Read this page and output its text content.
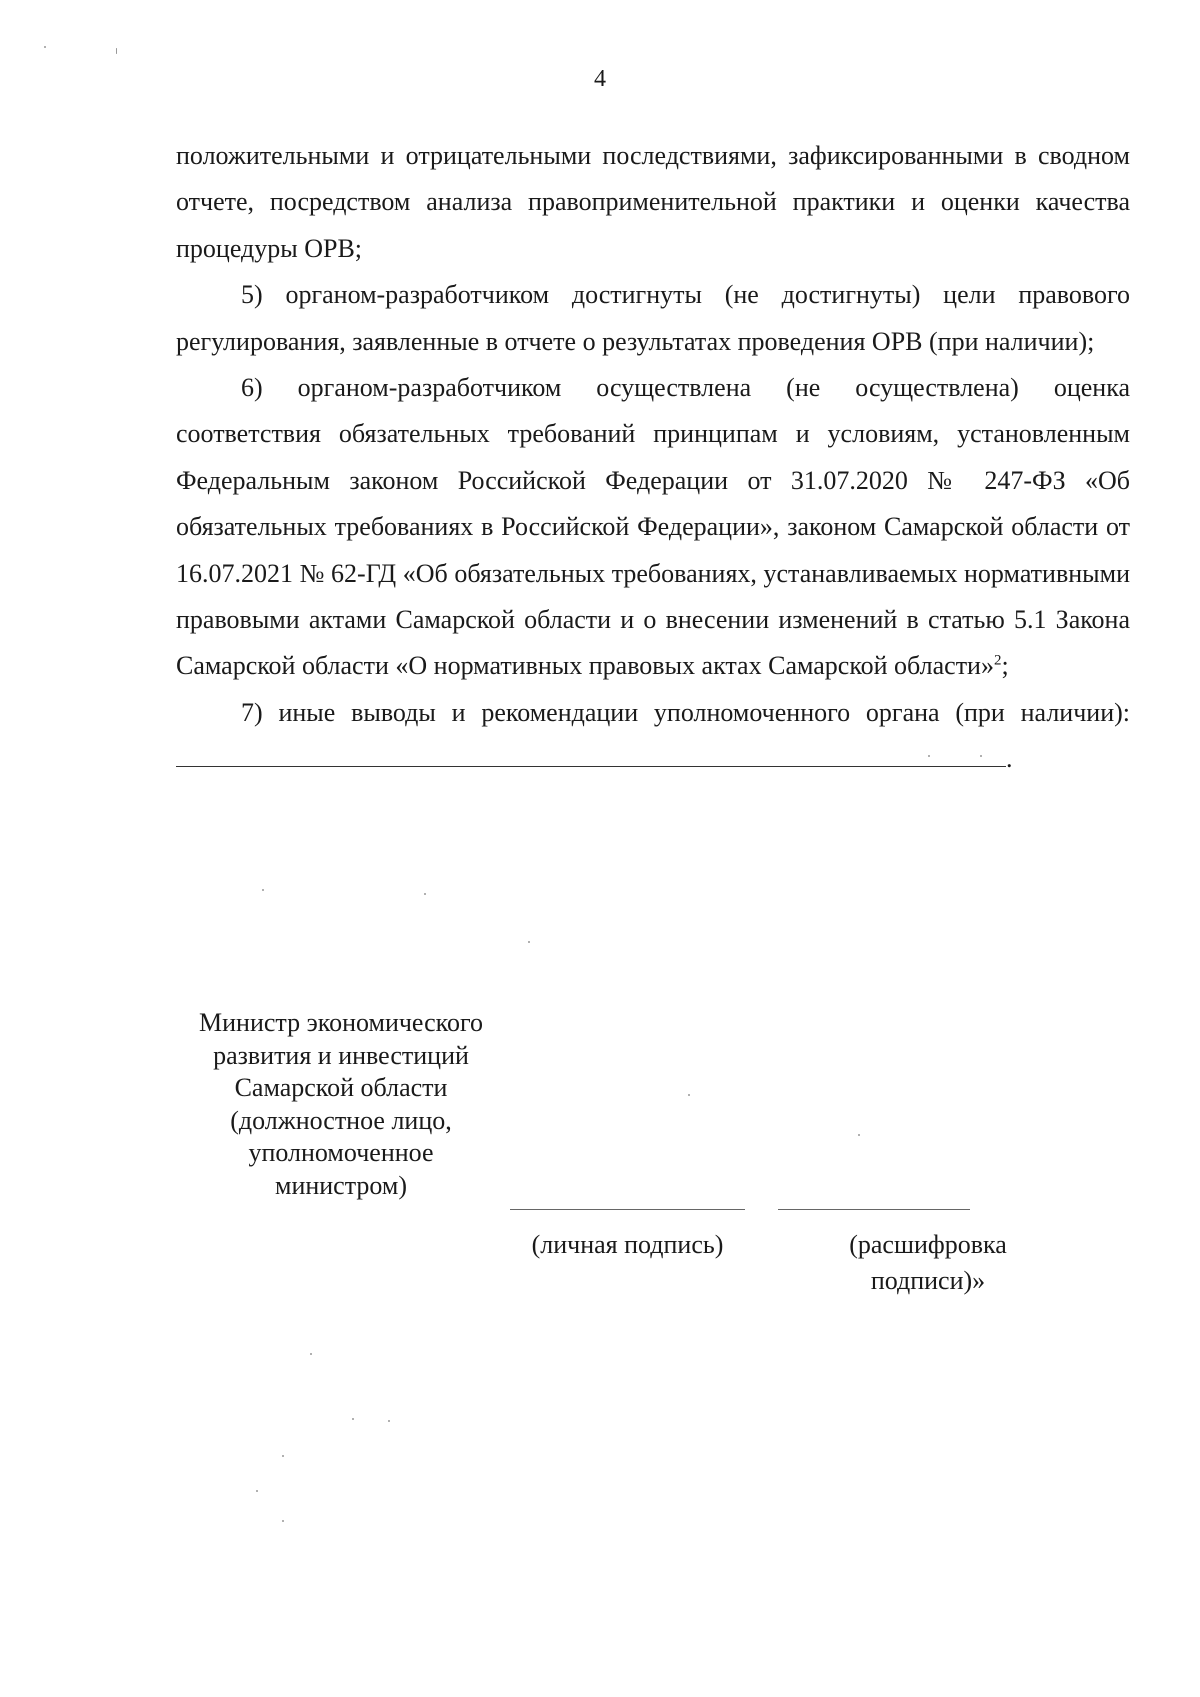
4

положительными и отрицательными последствиями, зафиксированными в сводном отчете, посредством анализа правоприменительной практики и оценки качества процедуры ОРВ;

5) органом-разработчиком достигнуты (не достигнуты) цели правового регулирования, заявленные в отчете о результатах проведения ОРВ (при наличии);

6) органом-разработчиком осуществлена (не осуществлена) оценка соответствия обязательных требований принципам и условиям, установленным Федеральным законом Российской Федерации от 31.07.2020 № 247-ФЗ «Об обязательных требованиях в Российской Федерации», законом Самарской области от 16.07.2021 № 62-ГД «Об обязательных требованиях, устанавливаемых нормативными правовыми актами Самарской области и о внесении изменений в статью 5.1 Закона Самарской области «О нормативных правовых актах Самарской области»$^2$;

7) иные выводы и рекомендации уполномоченного органа (при наличии):.

Министр экономического
развития и инвестиций
Самарской области
(должностное лицо,
уполномоченное
министром)
(личная подпись)	(расшифровка
подписи)»
